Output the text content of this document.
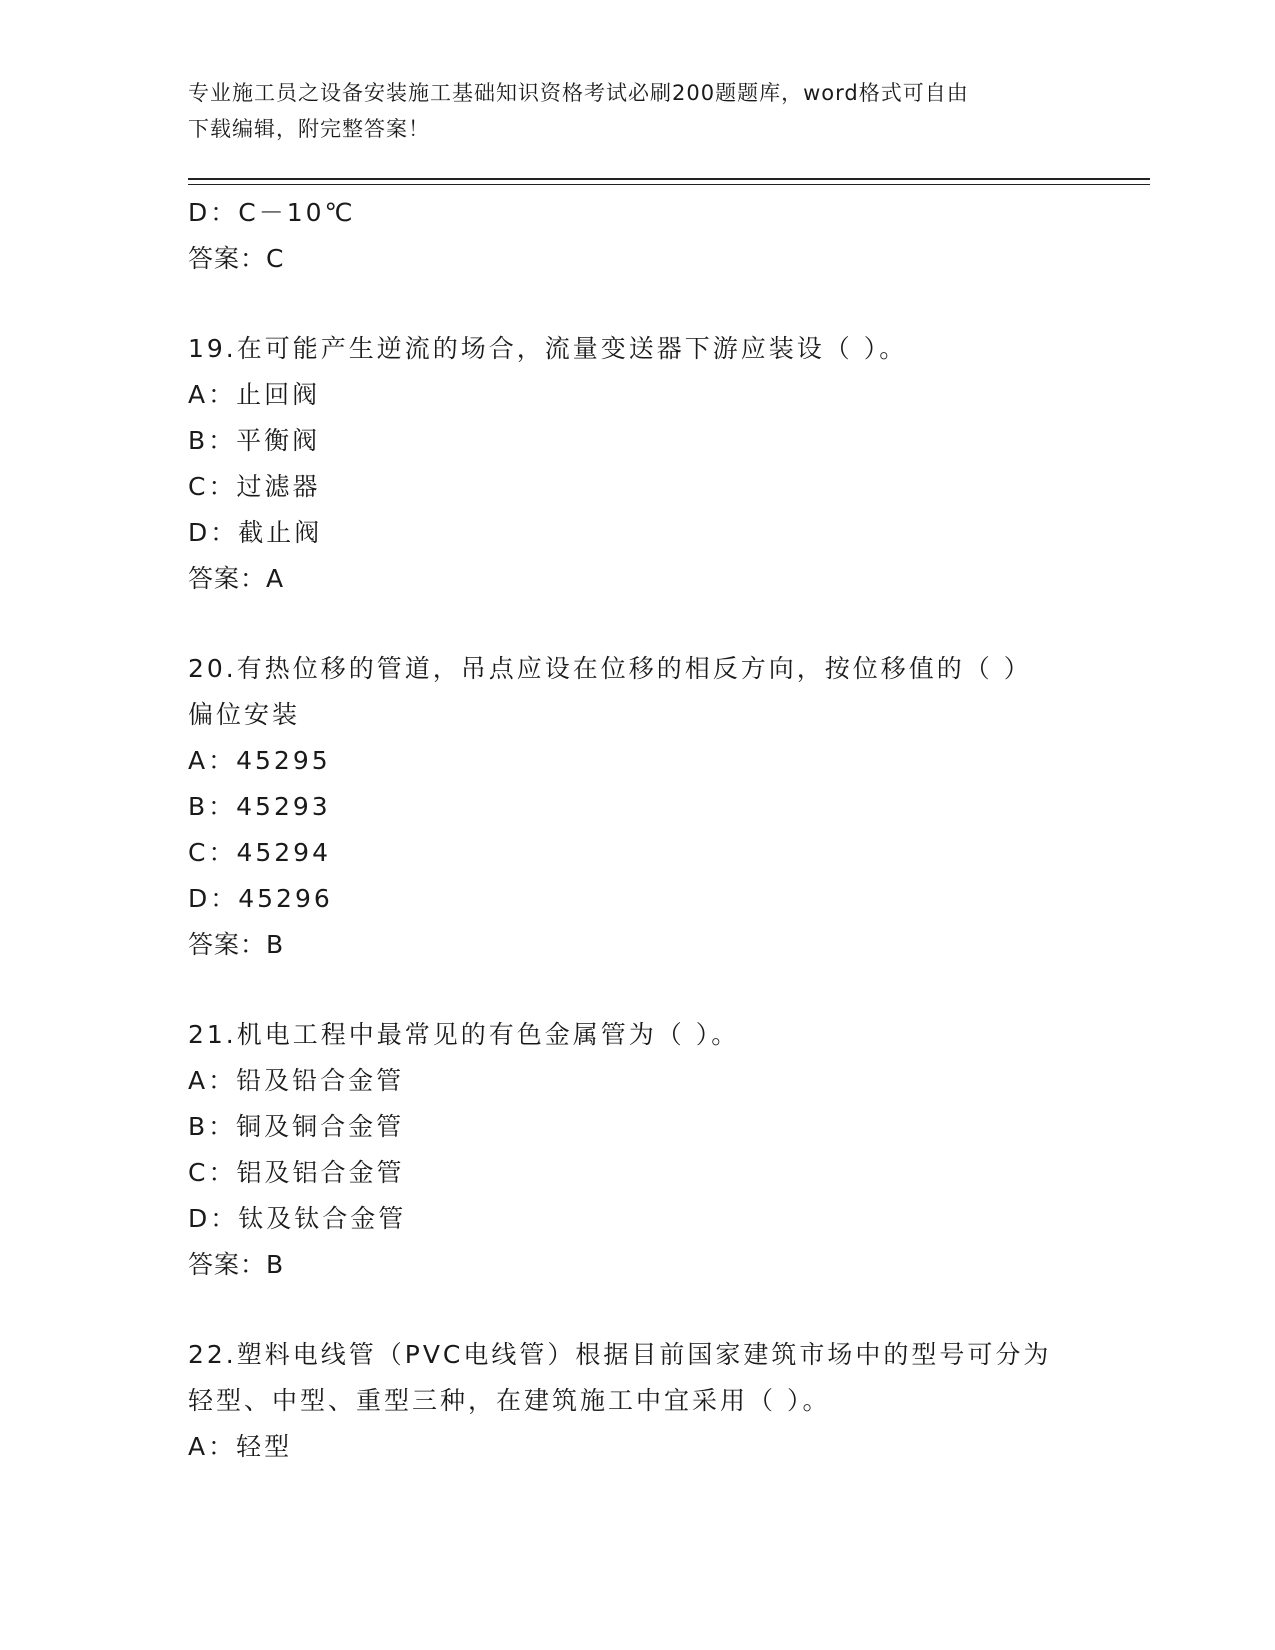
专业施工员之设备安装施工基础知识资格考试必刷200题题库，word格式可自由
下载编辑，附完整答案！
D：C－10℃
答案：C
19.在可能产生逆流的场合，流量变送器下游应装设（ ）。
A：止回阀
B：平衡阀
C：过滤器
D：截止阀
答案：A
20.有热位移的管道，吊点应设在位移的相反方向，按位移值的（ ）
偏位安装
A：45295
B：45293
C：45294
D：45296
答案：B
21.机电工程中最常见的有色金属管为（ ）。
A：铅及铅合金管
B：铜及铜合金管
C：铝及铝合金管
D：钛及钛合金管
答案：B
22.塑料电线管（PVC电线管）根据目前国家建筑市场中的型号可分为
轻型、中型、重型三种，在建筑施工中宜采用（ ）。
A：轻型
